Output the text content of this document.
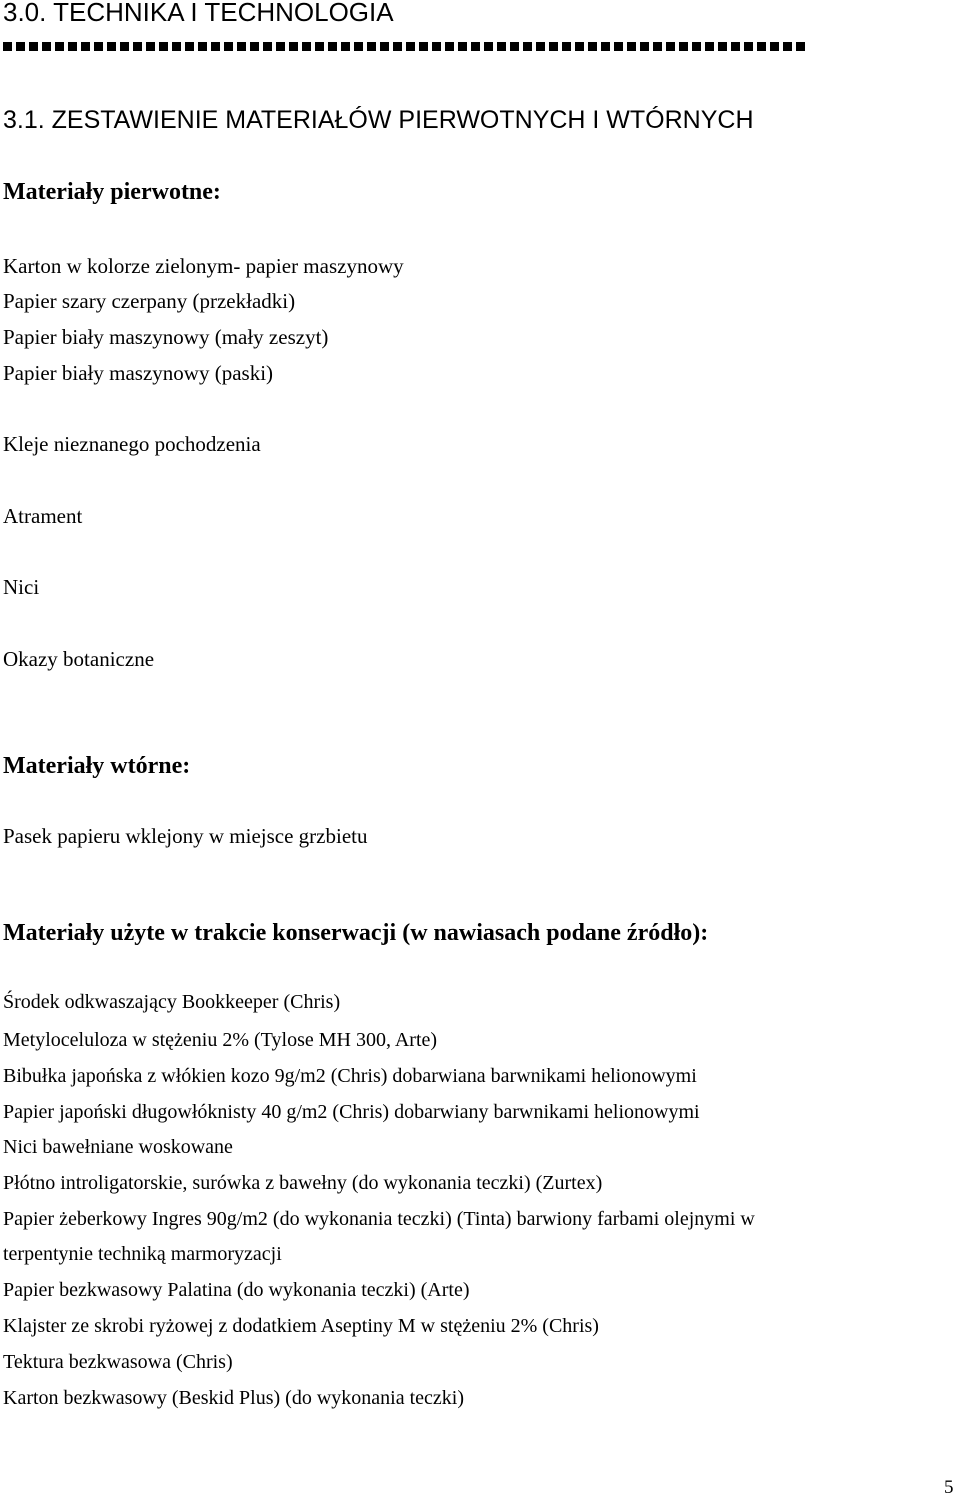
3.0. TECHNIKA I TECHNOLOGIA
3.1. ZESTAWIENIE MATERIAŁÓW PIERWOTNYCH I WTÓRNYCH
Materiały pierwotne:
Karton w kolorze zielonym- papier maszynowy
Papier szary czerpany (przekładki)
Papier biały maszynowy (mały zeszyt)
Papier biały maszynowy (paski)
Kleje nieznanego pochodzenia
Atrament
Nici
Okazy botaniczne
Materiały wtórne:
Pasek papieru wklejony w miejsce grzbietu
Materiały użyte w trakcie konserwacji (w nawiasach podane źródło):
Środek odkwaszający Bookkeeper (Chris)
Metyloceluloza w stężeniu 2% (Tylose MH 300, Arte)
Bibułka japońska z włókien kozo 9g/m2 (Chris) dobarwiana barwnikami helionowymi
Papier japoński długowłóknisty 40 g/m2 (Chris) dobarwiany barwnikami helionowymi
Nici bawełniane woskowane
Płótno introligatorskie, surówka z bawełny (do wykonania teczki) (Zurtex)
Papier żeberkowy Ingres 90g/m2 (do wykonania teczki) (Tinta) barwiony farbami olejnymi w
terpentynie techniką marmoryzacji
Papier bezkwasowy Palatina (do wykonania teczki) (Arte)
Klajster ze skrobi ryżowej z dodatkiem Aseptiny M w stężeniu 2% (Chris)
Tektura bezkwasowa (Chris)
Karton bezkwasowy (Beskid Plus) (do wykonania teczki)
5
